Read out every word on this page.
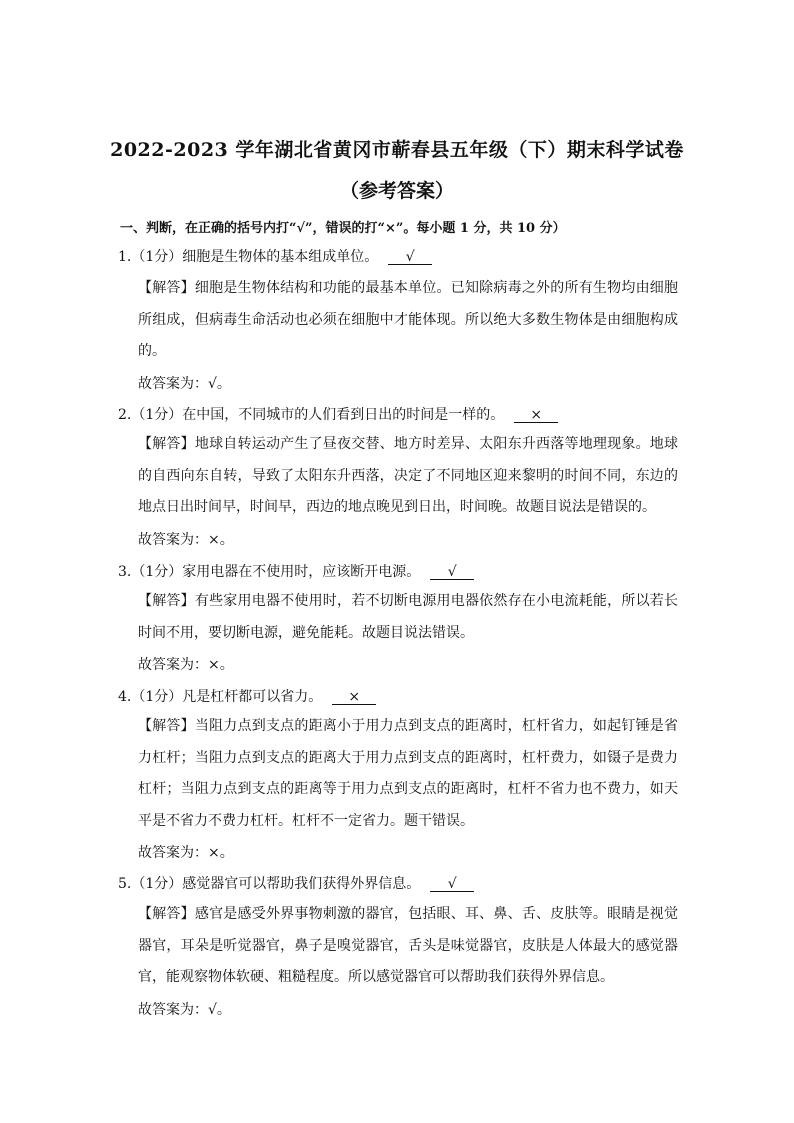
2022-2023 学年湖北省黄冈市蕲春县五年级（下）期末科学试卷
（参考答案）
一、判断，在正确的括号内打“√”，错误的打“×”。每小题 1 分，共 10 分）
1.（1分）细胞是生物体的基本组成单位。 √
【解答】细胞是生物体结构和功能的最基本单位。已知除病毒之外的所有生物均由细胞所组成，但病毒生命活动也必须在细胞中才能体现。所以绝大多数生物体是由细胞构成的。
故答案为：√。
2.（1分）在中国，不同城市的人们看到日出的时间是一样的。 ×
【解答】地球自转运动产生了昼夜交替、地方时差异、太阳东升西落等地理现象。地球的自西向东自转，导致了太阳东升西落，决定了不同地区迎来黎明的时间不同，东边的地点日出时间早，时间早，西边的地点晚见到日出，时间晚。故题目说法是错误的。
故答案为：×。
3.（1分）家用电器在不使用时，应该断开电源。 √
【解答】有些家用电器不使用时，若不切断电源用电器依然存在小电流耗能，所以若长时间不用，要切断电源，避免能耗。故题目说法错误。
故答案为：×。
4.（1分）凡是杠杆都可以省力。 ×
【解答】当阻力点到支点的距离小于用力点到支点的距离时，杠杆省力，如起钉锤是省力杠杆；当阻力点到支点的距离大于用力点到支点的距离时，杠杆费力，如镊子是费力杠杆；当阻力点到支点的距离等于用力点到支点的距离时，杠杆不省力也不费力，如天平是不省力不费力杠杆。杠杆不一定省力。题干错误。
故答案为：×。
5.（1分）感觉器官可以帮助我们获得外界信息。 √
【解答】感官是感受外界事物刺激的器官，包括眼、耳、鼻、舌、皮肤等。眼睛是视觉器官，耳朵是听觉器官，鼻子是嗅觉器官，舌头是味觉器官，皮肤是人体最大的感觉器官，能观察物体软硬、粗糙程度。所以感觉器官可以帮助我们获得外界信息。
故答案为：√。
